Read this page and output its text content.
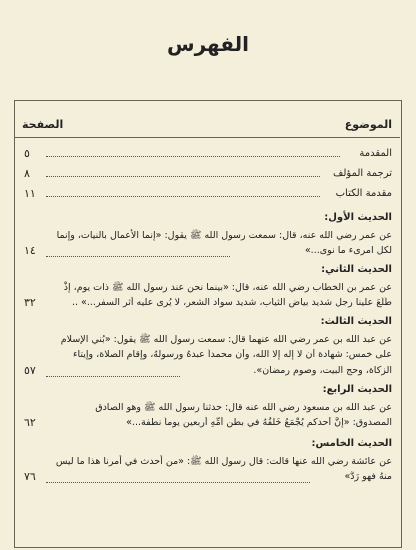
الفهرس
الموضوع
الصفحة
المقدمة
٥
ترجمة المؤلف
٨
مقدمة الكتاب
١١
الحديث الأول:
عن عمر رضي الله عنه، قال: سمعت رسول الله ﷺ يقول: «إنما الأعمال بالنيات، وإنما
لكل امرىء ما نوى...»
١٤
الحديث الثاني:
عن عمر بن الخطاب رضي الله عنه، قال: «بينما نحن عند رسول الله ﷺ ذات يوم، إذْ
طَلَعَ علينا رجل شديد بياض الثياب، شديد سواد الشعر، لا يُرى عليه أثر السفر...» ..
٣٢
الحديث الثالث:
عن عبد الله بن عمر رضي الله عنهما قال: سمعت رسول الله ﷺ يقول: «بُني الإسلام
على خمس: شهادة أن لا إله إلا الله، وأن محمداً عبدهُ ورسولهُ، وإقام الصلاة، وإيتاء
الزكاة، وحج البيت، وصومِ رمضان».
٥٧
الحديث الرابع:
عن عبد الله بن مسعود رضي الله عنه قال: حدثنا رسول الله ﷺ وهو الصادق
المصدوق: «إنَّ أحدكم يُجْمَعُ خَلْقُهُ في بطن أمِّهِ أربعين يوماً نطفة...»
٦٢
الحديث الخامس:
عن عائشة رضي الله عنها قالت: قال رسول الله ﷺ: «من أحدث في أمرنا هذا ما ليس
منهُ فهو رَدٌّ»
٧٦
